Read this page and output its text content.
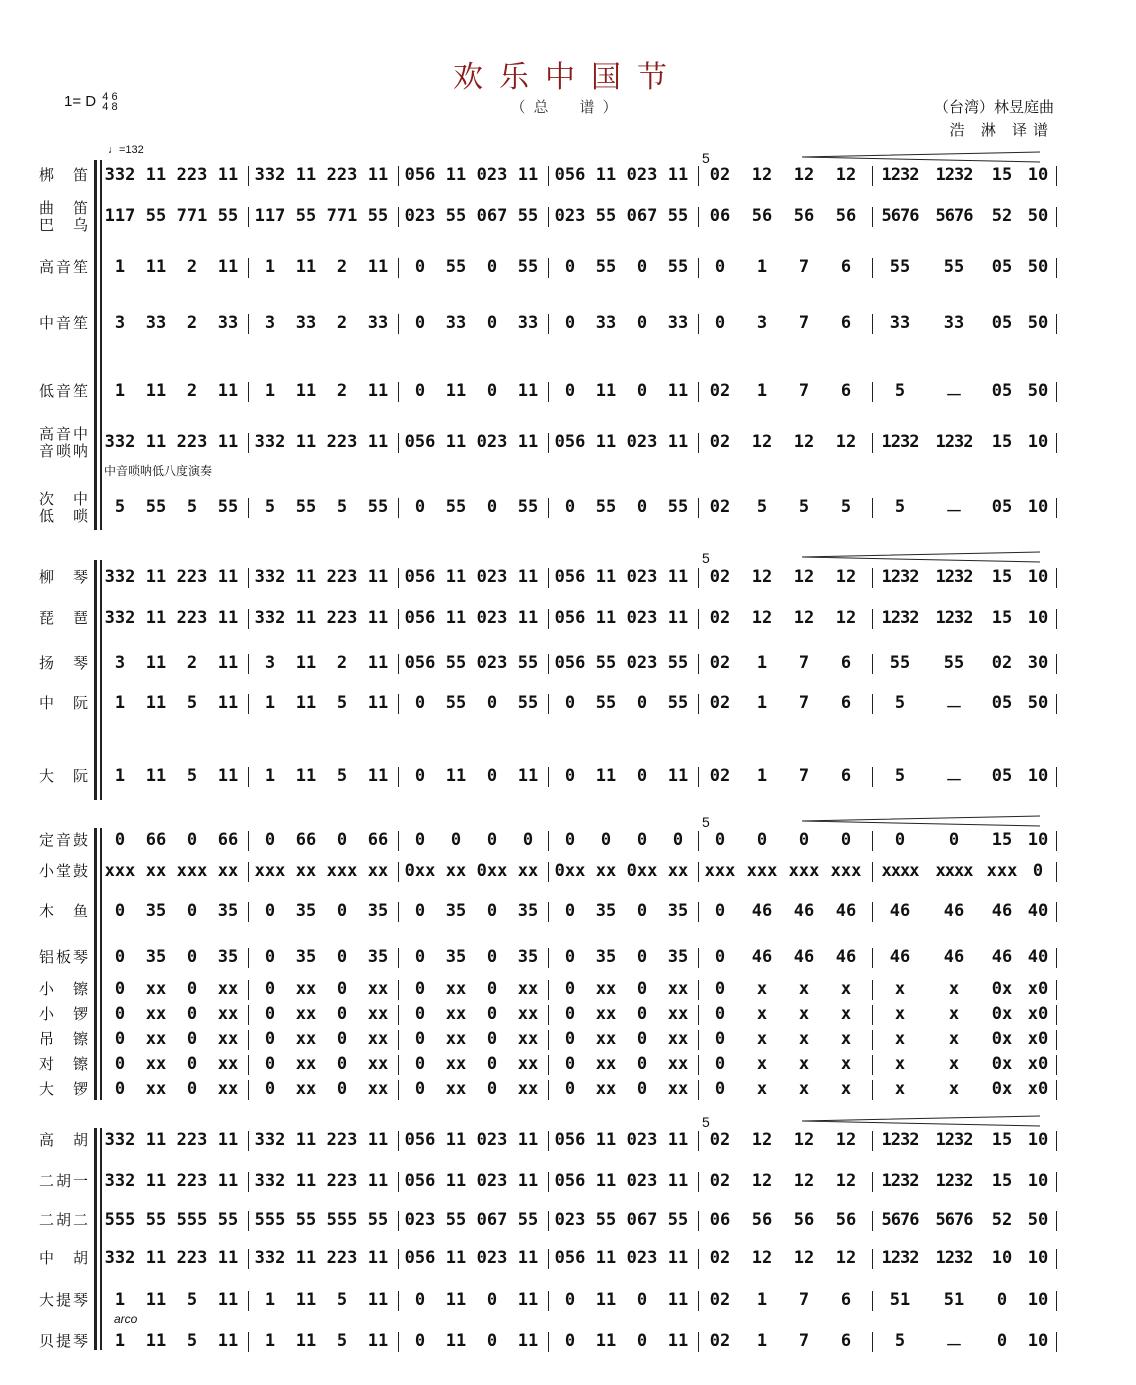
欢乐中国节
（总　谱）
1= D 4 6
4 8	（台湾）林昱庭曲
浩 淋 译谱
♩=132	5
梆　笛 332 11 223 11 332 11 223 11 056 11 023 11 056 11 023 11	02	12	12	12	1232	1232	15 10
曲　笛
巴　乌 117 55 771 55 117 55 771 55 023 55 067 55 023 55 067 55	06	56	56	56	5676	5676	52 50
高音笙	1	11	2	11	1	11	2	11	0	55	0	55	0	55	0	55	0	1	7	6	55	55	05 50
中音笙	3	33	2	33	3	33	2	33	0	33	0	33	0	33	0	33	0	3	7	6	33	33	05 50
低音笙	1	11	2	11	1	11	2	11	0	11	0	11	0	11	0	11	02	1	7	6	5	－	05 50
高音中
音唢呐 332 11 223 11 332 11 223 11 056 11 023 11 056 11 023 11	02	12	12	12	1232	1232	15 10
次　中
低　唢	5	55	5	55	5	55	5	55	0	55	0	55	0	55	0	55	02	5	5	5	5	－	05 10
5
柳　琴 332 11 223 11 332 11 223 11 056 11 023 11 056 11 023 11	02	12	12	12	1232	1232	15 10
琵　琶 332 11 223 11 332 11 223 11 056 11 023 11 056 11 023 11	02	12	12	12	1232	1232	15 10
扬　琴	3	11	2	11	3	11	2	11 056 55 023 55 056 55 023 55	02	1	7	6	55	55	02 30
中　阮	1	11	5	11	1	11	5	11	0	55	0	55	0	55	0	55	02	1	7	6	5	－	05 50
大　阮	1	11	5	11	1	11	5	11	0	11	0	11	0	11	0	11	02	1	7	6	5	－	05 10
5
定音鼓	0	66	0	66	0	66	0	66	0	0	0	0	0	0	0	0	0	0	0	0	0	0	15 10
小堂鼓 xxx xx xxx xx xxx xx xxx xx 0xx xx 0xx xx 0xx xx 0xx xx xxx xxx xxx xxx	xxxx	xxxx xxx 0
木　鱼	0	35	0	35	0	35	0	35	0	35	0	35	0	35	0	35	0	46	46	46	46	46	46 40
铝板琴	0	35	0	35	0	35	0	35	0	35	0	35	0	35	0	35	0	46	46	46	46	46	46 40
小　镲	0	xx	0	xx	0	xx	0	xx	0	xx	0	xx	0	xx	0	xx	0	x	x	x	x	x	0x x0
小　锣	0	xx	0	xx	0	xx	0	xx	0	xx	0	xx	0	xx	0	xx	0	x	x	x	x	x	0x x0
吊　镲	0	xx	0	xx	0	xx	0	xx	0	xx	0	xx	0	xx	0	xx	0	x	x	x	x	x	0x x0
对　镲	0	xx	0	xx	0	xx	0	xx	0	xx	0	xx	0	xx	0	xx	0	x	x	x	x	x	0x x0
大　锣	0	xx	0	xx	0	xx	0	xx	0	xx	0	xx	0	xx	0	xx	0	x	x	x	x	x	0x x0
5
高　胡 332 11 223 11 332 11 223 11 056 11 023 11 056 11 023 11	02	12	12	12	1232	1232	15 10
二胡一 332 11 223 11 332 11 223 11 056 11 023 11 056 11 023 11	02	12	12	12	1232	1232	15 10
二胡二 555 55 555 55 555 55 555 55 023 55 067 55 023 55 067 55	06	56	56	56	5676	5676	52 50
中　胡 332 11 223 11 332 11 223 11 056 11 023 11 056 11 023 11	02	12	12	12	1232	1232	10 10
大提琴	1	11	5	11	1	11	5	11	0	11	0	11	0	11	0	11	02	1	7	6	51	51	0	10
贝提琴	1	11	5	11	1	11	5	11	0	11	0	11	0	11	0	11	02	1	7	6	5	－	0	10
中音唢呐低八度演奏
arco
